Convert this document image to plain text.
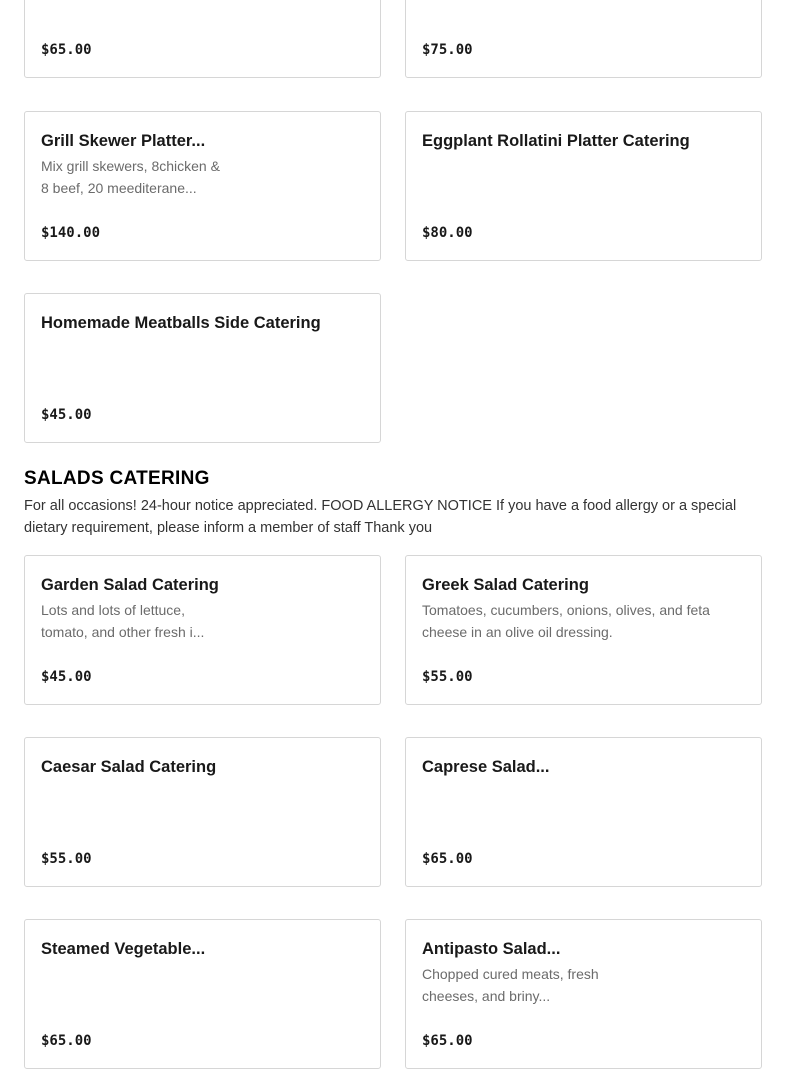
$65.00	$75.00
Grill Skewer Platter...
Mix grill skewers, 8chicken & 8 beef, 20 meediterane...
$140.00
Eggplant Rollatini Platter Catering
$80.00
Homemade Meatballs Side Catering
$45.00
SALADS CATERING

For all occasions! 24-hour notice appreciated. FOOD ALLERGY NOTICE If you have a food allergy or a special dietary requirement, please inform a member of staff Thank you

Garden Salad Catering
Lots and lots of lettuce, tomato, and other fresh i...
$45.00
Greek Salad Catering
Tomatoes, cucumbers, onions, olives, and feta cheese in an olive oil dressing.
$55.00
Caesar Salad Catering
$55.00
Caprese Salad...
$65.00
Steamed Vegetable...
$65.00
Antipasto Salad...
Chopped cured meats, fresh cheeses, and briny...
$65.00
